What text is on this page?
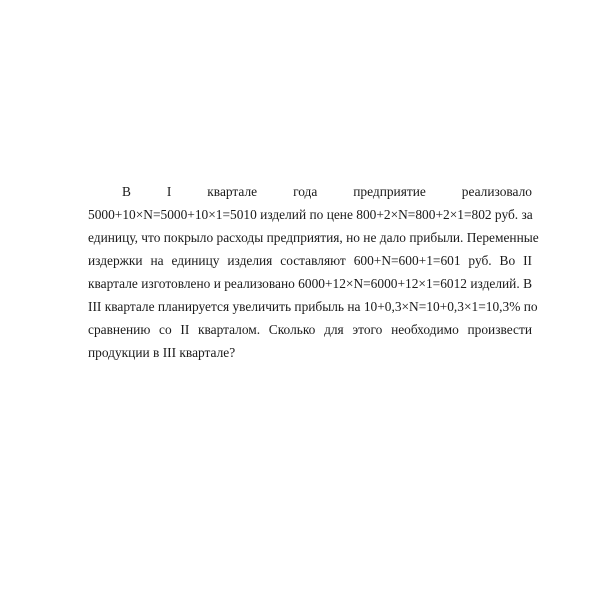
В I квартале года предприятие реализовало
5000+10×N=5000+10×1=5010 изделий по цене 800+2×N=800+2×1=802 руб. за
единицу, что покрыло расходы предприятия, но не дало прибыли. Переменные
издержки на единицу изделия составляют 600+N=600+1=601 руб. Во II
квартале изготовлено и реализовано 6000+12×N=6000+12×1=6012 изделий. В
III квартале планируется увеличить прибыль на 10+0,3×N=10+0,3×1=10,3% по
сравнению со II кварталом. Сколько для этого необходимо произвести
продукции в III квартале?
